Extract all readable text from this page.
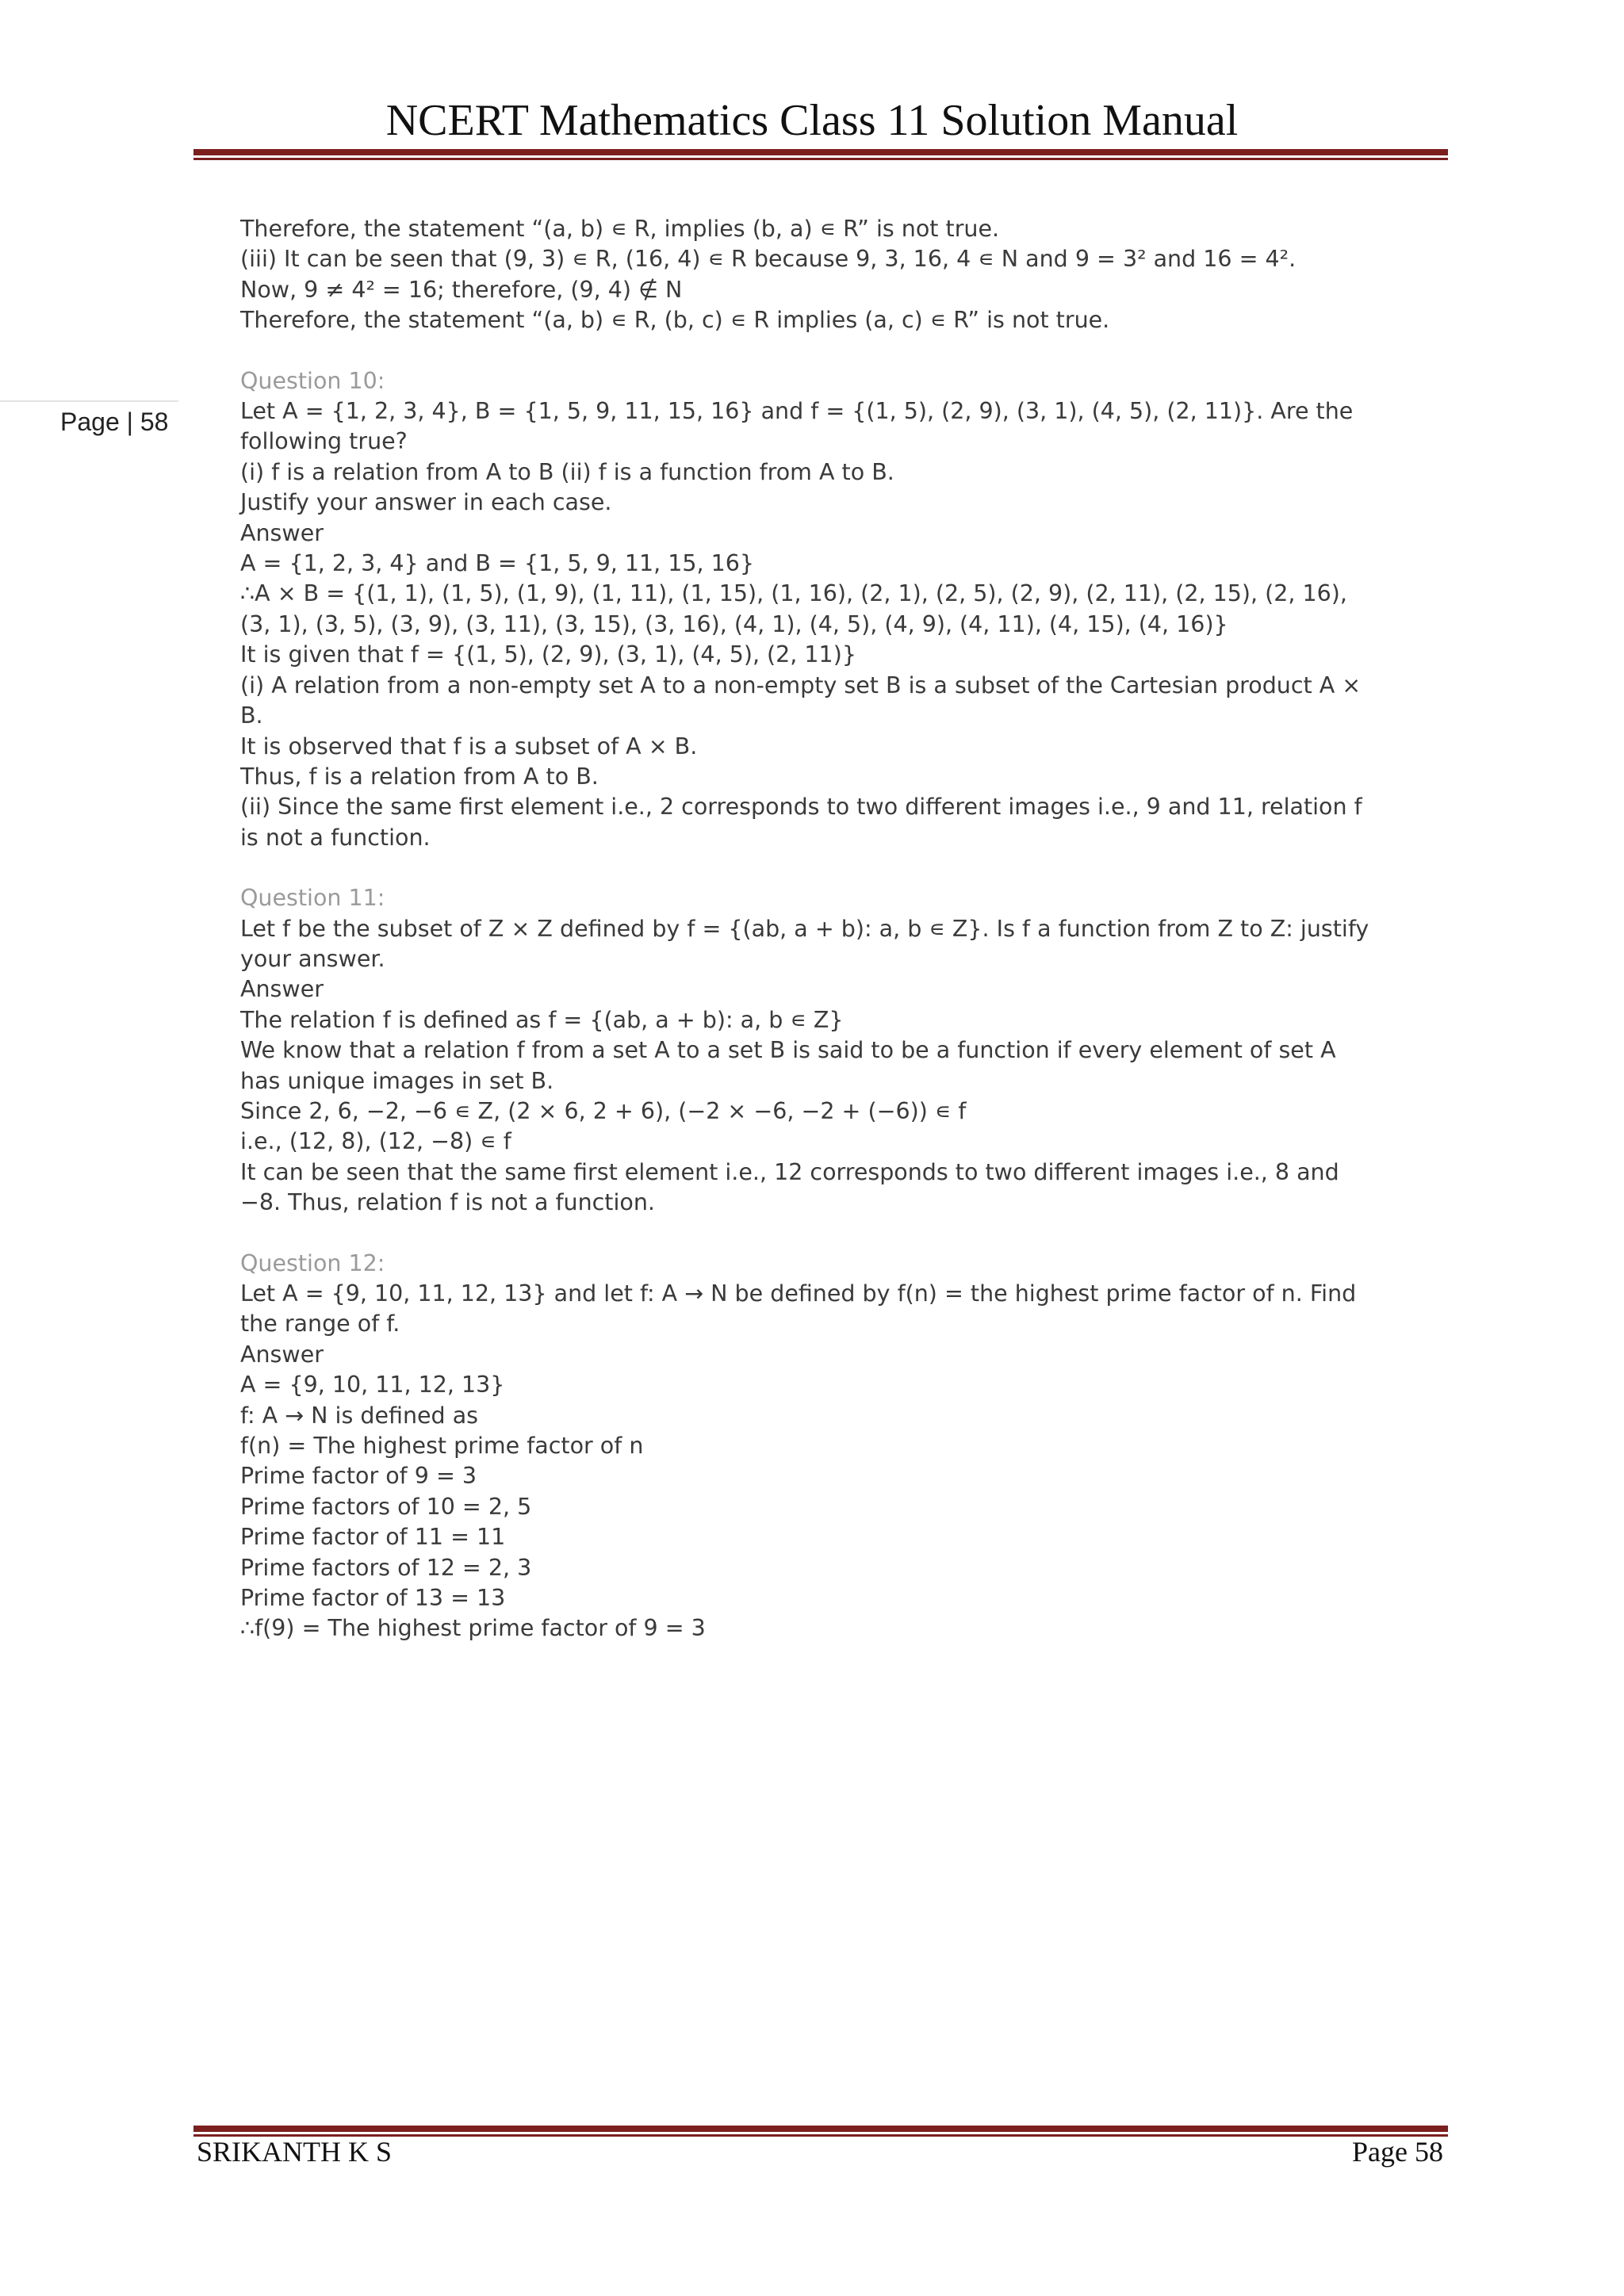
NCERT Mathematics Class 11 Solution Manual
Page | 58

Therefore, the statement “(a, b) ∊ R, implies (b, a) ∊ R” is not true.

(iii) It can be seen that (9, 3) ∊ R, (16, 4) ∊ R because 9, 3, 16, 4 ∊ N and 9 = 3² and 16 = 4².

Now, 9 ≠ 4² = 16; therefore, (9, 4) ∉ N

Therefore, the statement “(a, b) ∊ R, (b, c) ∊ R implies (a, c) ∊ R” is not true.

Question 10:

Let A = {1, 2, 3, 4}, B = {1, 5, 9, 11, 15, 16} and f = {(1, 5), (2, 9), (3, 1), (4, 5), (2, 11)}. Are the following true?

(i) f is a relation from A to B (ii) f is a function from A to B.

Justify your answer in each case.

Answer

A = {1, 2, 3, 4} and B = {1, 5, 9, 11, 15, 16}

∴A × B = {(1, 1), (1, 5), (1, 9), (1, 11), (1, 15), (1, 16), (2, 1), (2, 5), (2, 9), (2, 11), (2, 15), (2, 16), (3, 1), (3, 5), (3, 9), (3, 11), (3, 15), (3, 16), (4, 1), (4, 5), (4, 9), (4, 11), (4, 15), (4, 16)}

It is given that f = {(1, 5), (2, 9), (3, 1), (4, 5), (2, 11)}

(i) A relation from a non-empty set A to a non-empty set B is a subset of the Cartesian product A × B.

It is observed that f is a subset of A × B.

Thus, f is a relation from A to B.

(ii) Since the same first element i.e., 2 corresponds to two different images i.e., 9 and 11, relation f is not a function.

Question 11:

Let f be the subset of Z × Z defined by f = {(ab, a + b): a, b ∊ Z}. Is f a function from Z to Z: justify your answer.

Answer

The relation f is defined as f = {(ab, a + b): a, b ∊ Z}

We know that a relation f from a set A to a set B is said to be a function if every element of set A has unique images in set B.

Since 2, 6, −2, −6 ∊ Z, (2 × 6, 2 + 6), (−2 × −6, −2 + (−6)) ∊ f

i.e., (12, 8), (12, −8) ∊ f

It can be seen that the same first element i.e., 12 corresponds to two different images i.e., 8 and −8. Thus, relation f is not a function.

Question 12:

Let A = {9, 10, 11, 12, 13} and let f: A → N be defined by f(n) = the highest prime factor of n. Find the range of f.

Answer

A = {9, 10, 11, 12, 13}

f: A → N is defined as

f(n) = The highest prime factor of n

Prime factor of 9 = 3

Prime factors of 10 = 2, 5

Prime factor of 11 = 11

Prime factors of 12 = 2, 3

Prime factor of 13 = 13

∴f(9) = The highest prime factor of 9 = 3

SRIKANTH K S	Page 58
